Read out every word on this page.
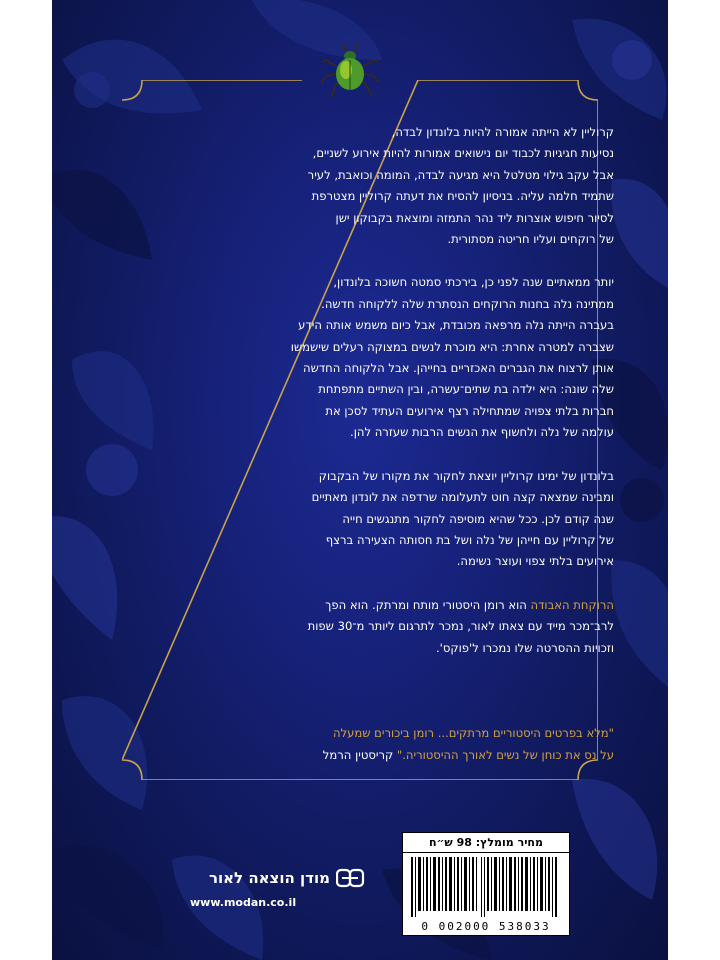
קרוליין לא הייתה אמורה להיות בלונדון לבדה,
נסיעות חגיגיות לכבוד יום נישואים אמורות להיות אירוע לשניים,
אבל עקב גילוי מטלטל היא מגיעה לבדה, המומה וכואבת, לעיר
שתמיד חלמה עליה. בניסיון להסיח את דעתה קרוליין מצטרפת
לסיור חיפוש אוצרות ליד נהר התמזה ומוצאת בקבוקון ישן
של רוקחים ועליו חריטה מסתורית.

יותר ממאתיים שנה לפני כן, בירכתי סמטה חשוכה בלונדון,
ממתינה נלה בחנות הרוקחים הנסתרת שלה ללקוחה חדשה.
בעברה הייתה נלה מרפאה מכובדת, אבל כיום משמש אותה הידע
שצברה למטרה אחרת: היא מוכרת לנשים במצוקה רעלים שישמשו
אותן לרצוח את הגברים האכזריים בחייהן. אבל הלקוחה החדשה
שלה שונה: היא ילדה בת שתים־עשרה, ובין השתיים מתפתחת
חברות בלתי צפויה שמתחילה רצף אירועים העתיד לסכן את
עולמה של נלה ולחשוף את הנשים הרבות שעזרה להן.

בלונדון של ימינו קרוליין יוצאת לחקור את מקורו של הבקבוק
ומבינה שמצאה קצה חוט לתעלומה שרדפה את לונדון מאתיים
שנה קודם לכן. ככל שהיא מוסיפה לחקור מתנגשים חייה
של קרוליין עם חייהן של נלה ושל בת חסותה הצעירה ברצף
אירועים בלתי צפוי ועוצר נשימה.

הרוקחת האבודה הוא רומן היסטורי מותח ומרתק. הוא הפך
לרב־מכר מייד עם צאתו לאור, נמכר לתרגום ליותר מ־30 שפות
וזכויות ההסרטה שלו נמכרו ל'פוקס'.

"מלא בפרטים היסטוריים מרתקים... רומן ביכורים שמעלה
על נס את כוחן של נשים לאורך ההיסטוריה." קריסטין הרמל
מודן הוצאה לאור
www.modan.co.il
מחיר מומלץ: 98 ש״ח
0 002000 538033
